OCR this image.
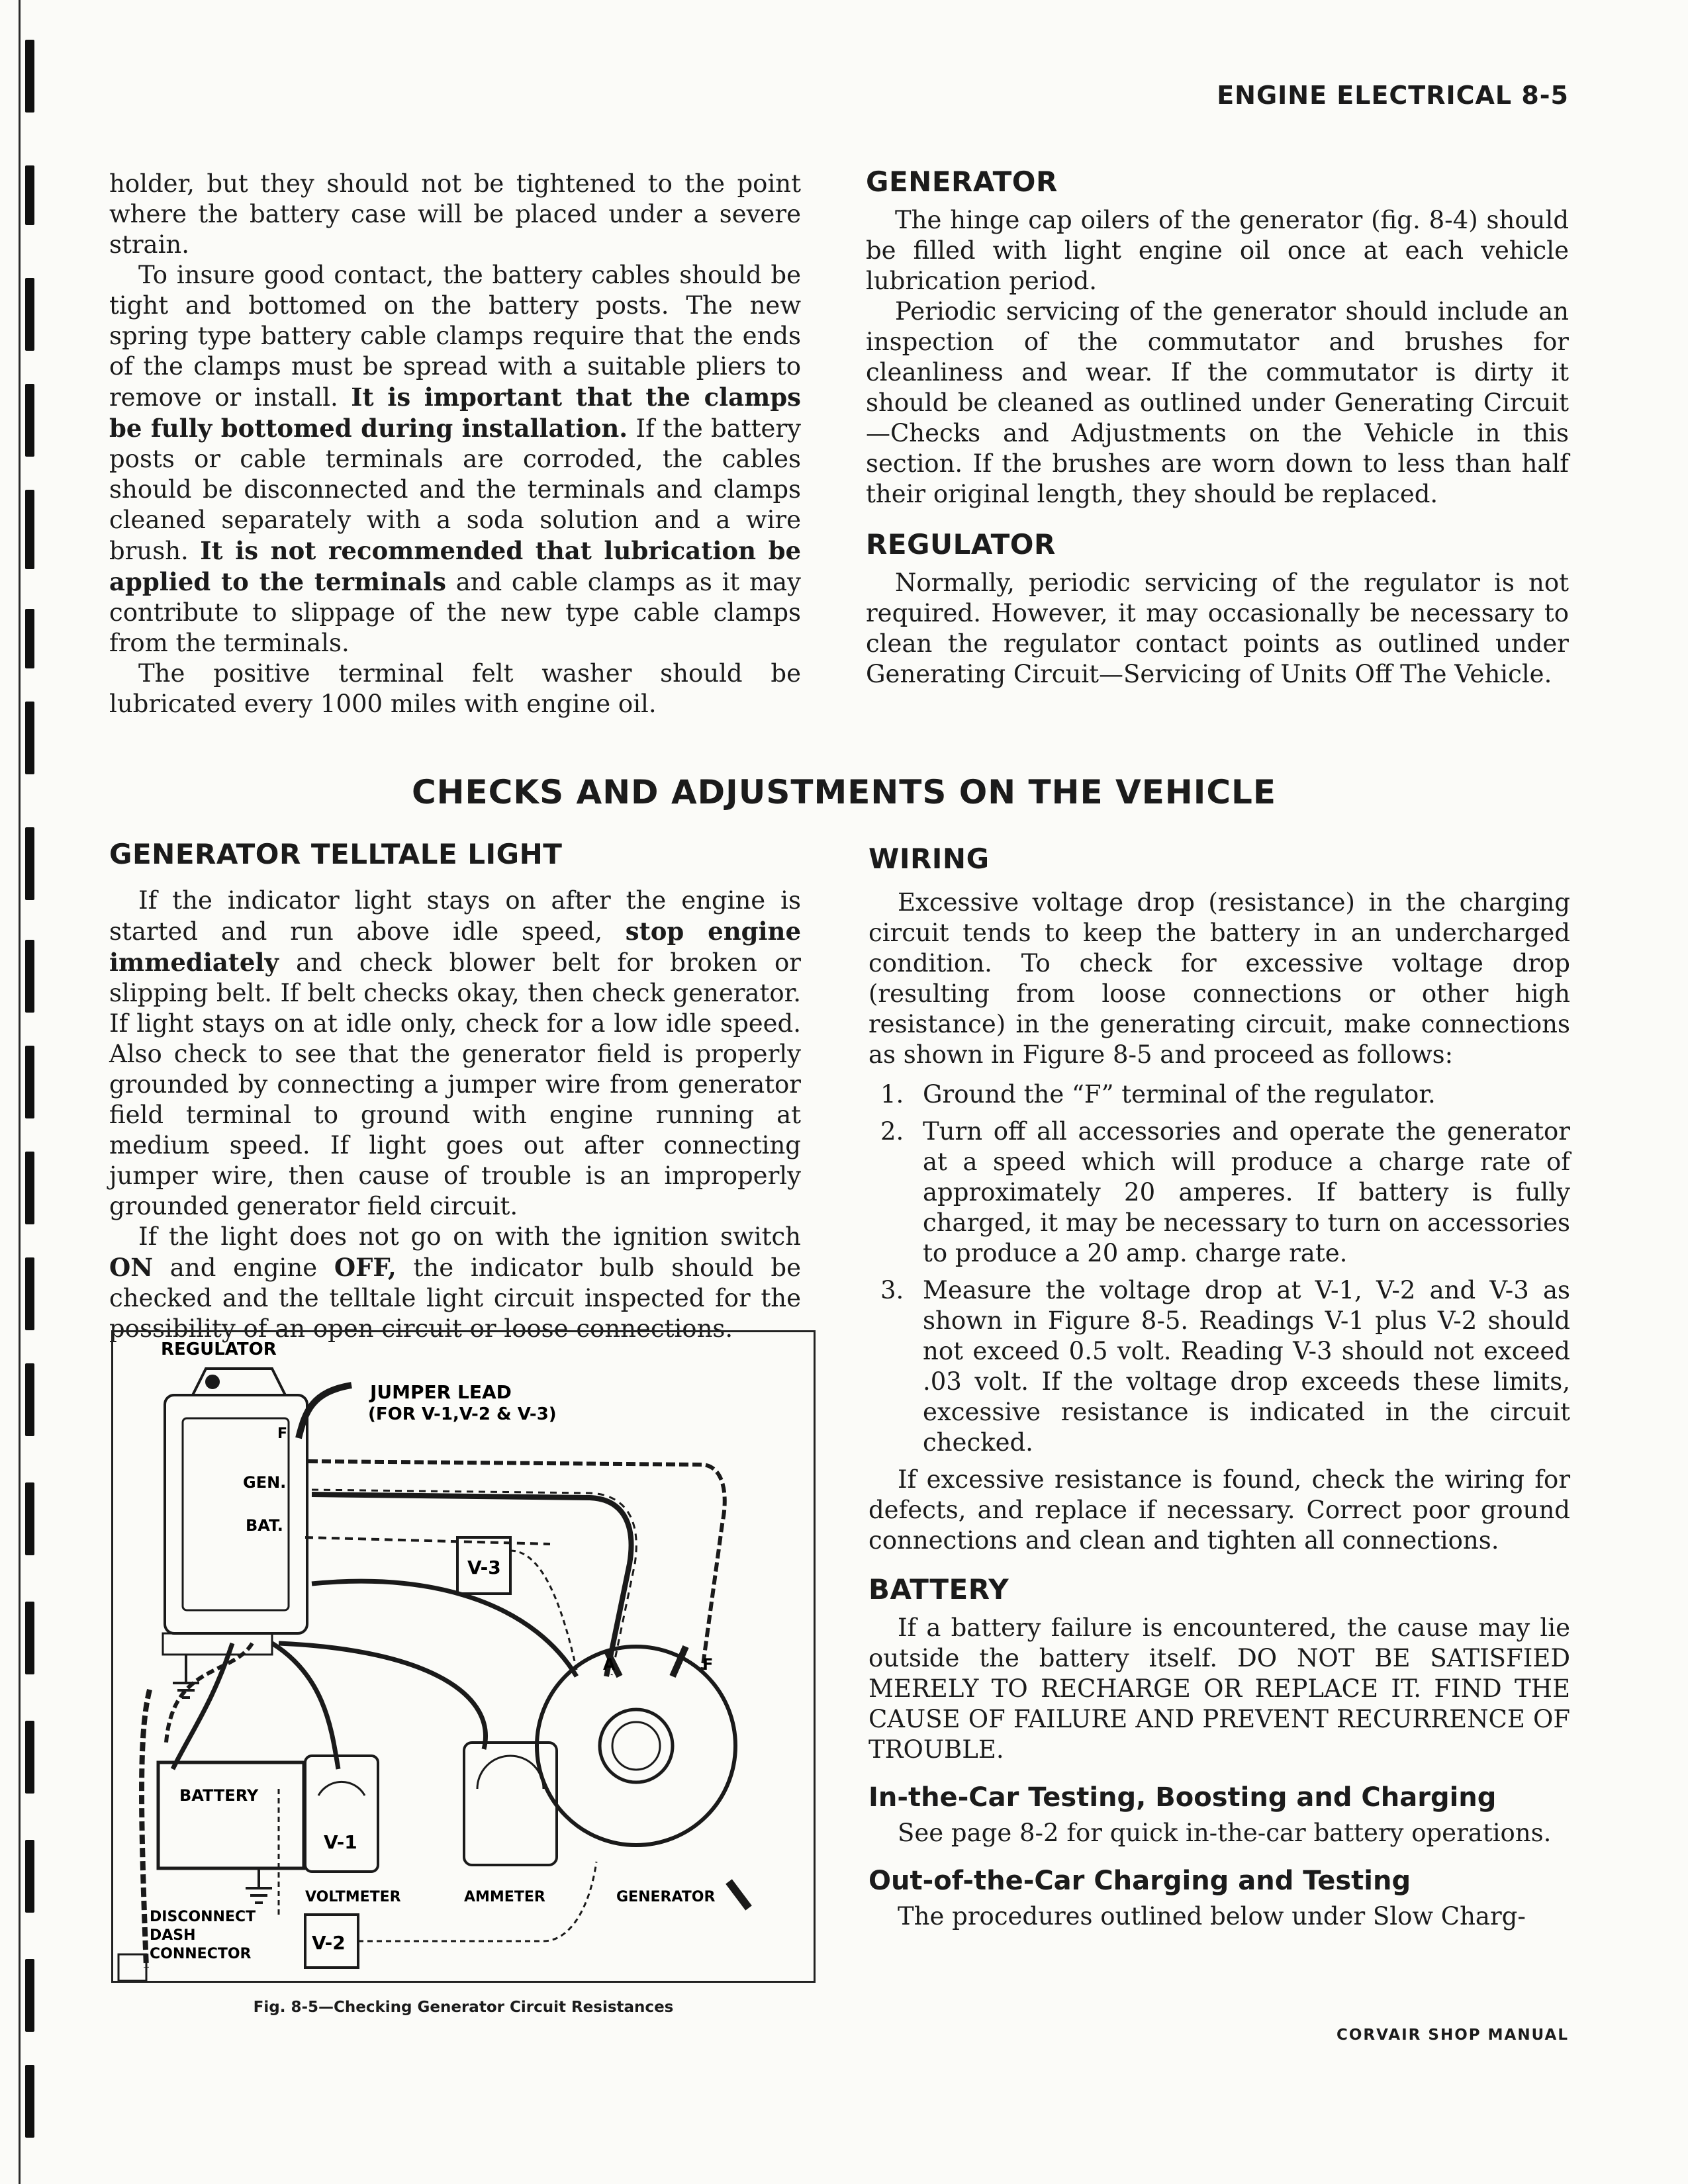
ENGINE ELECTRICAL 8-5

holder, but they should not be tightened to the point where the battery case will be placed under a severe strain.

To insure good contact, the battery cables should be tight and bottomed on the battery posts. The new spring type battery cable clamps require that the ends of the clamps must be spread with a suitable pliers to remove or install. It is important that the clamps be fully bottomed during installation. If the battery posts or cable terminals are corroded, the cables should be disconnected and the terminals and clamps cleaned separately with a soda solution and a wire brush. It is not recommended that lubrication be applied to the terminals and cable clamps as it may contribute to slippage of the new type cable clamps from the terminals.

The positive terminal felt washer should be lubricated every 1000 miles with engine oil.

GENERATOR

The hinge cap oilers of the generator (fig. 8-4) should be filled with light engine oil once at each vehicle lubrication period.

Periodic servicing of the generator should include an inspection of the commutator and brushes for cleanliness and wear. If the commutator is dirty it should be cleaned as outlined under Generating Circuit —Checks and Adjustments on the Vehicle in this section. If the brushes are worn down to less than half their original length, they should be replaced.

REGULATOR

Normally, periodic servicing of the regulator is not required. However, it may occasionally be necessary to clean the regulator contact points as outlined under Generating Circuit—Servicing of Units Off The Vehicle.

CHECKS AND ADJUSTMENTS ON THE VEHICLE
GENERATOR TELLTALE LIGHT

If the indicator light stays on after the engine is started and run above idle speed, stop engine immediately and check blower belt for broken or slipping belt. If belt checks okay, then check generator. If light stays on at idle only, check for a low idle speed. Also check to see that the generator field is properly grounded by connecting a jumper wire from generator field terminal to ground with engine running at medium speed. If light goes out after connecting jumper wire, then cause of trouble is an improperly grounded generator field circuit.

If the light does not go on with the ignition switch ON and engine OFF, the indicator bulb should be checked and the telltale light circuit inspected for the possibility of an open circuit or loose connections.

REGULATOR
JUMPER LEAD
(FOR V-1,V-2 & V-3)
F
GEN.
BAT.
V-3
A	F
BATTERY
V-1
VOLTMETER	AMMETER	GENERATOR
DISCONNECT
DASH
CONNECTOR
V-2
Fig. 8-5—Checking Generator Circuit Resistances
WIRING

Excessive voltage drop (resistance) in the charging circuit tends to keep the battery in an undercharged condition. To check for excessive voltage drop (resulting from loose connections or other high resistance) in the generating circuit, make connections as shown in Figure 8-5 and proceed as follows:

1. Ground the “F” terminal of the regulator.
2. Turn off all accessories and operate the generator at a speed which will produce a charge rate of approximately 20 amperes. If battery is fully charged, it may be necessary to turn on accessories to produce a 20 amp. charge rate.
3. Measure the voltage drop at V-1, V-2 and V-3 as shown in Figure 8-5. Readings V-1 plus V-2 should not exceed 0.5 volt. Reading V-3 should not exceed .03 volt. If the voltage drop exceeds these limits, excessive resistance is indicated in the circuit checked.

If excessive resistance is found, check the wiring for defects, and replace if necessary. Correct poor ground connections and clean and tighten all connections.

BATTERY

If a battery failure is encountered, the cause may lie outside the battery itself. DO NOT BE SATISFIED MERELY TO RECHARGE OR REPLACE IT. FIND THE CAUSE OF FAILURE AND PREVENT RECURRENCE OF TROUBLE.

In-the-Car Testing, Boosting and Charging

See page 8-2 for quick in-the-car battery operations.

Out-of-the-Car Charging and Testing

The procedures outlined below under Slow Charg-

CORVAIR SHOP MANUAL
